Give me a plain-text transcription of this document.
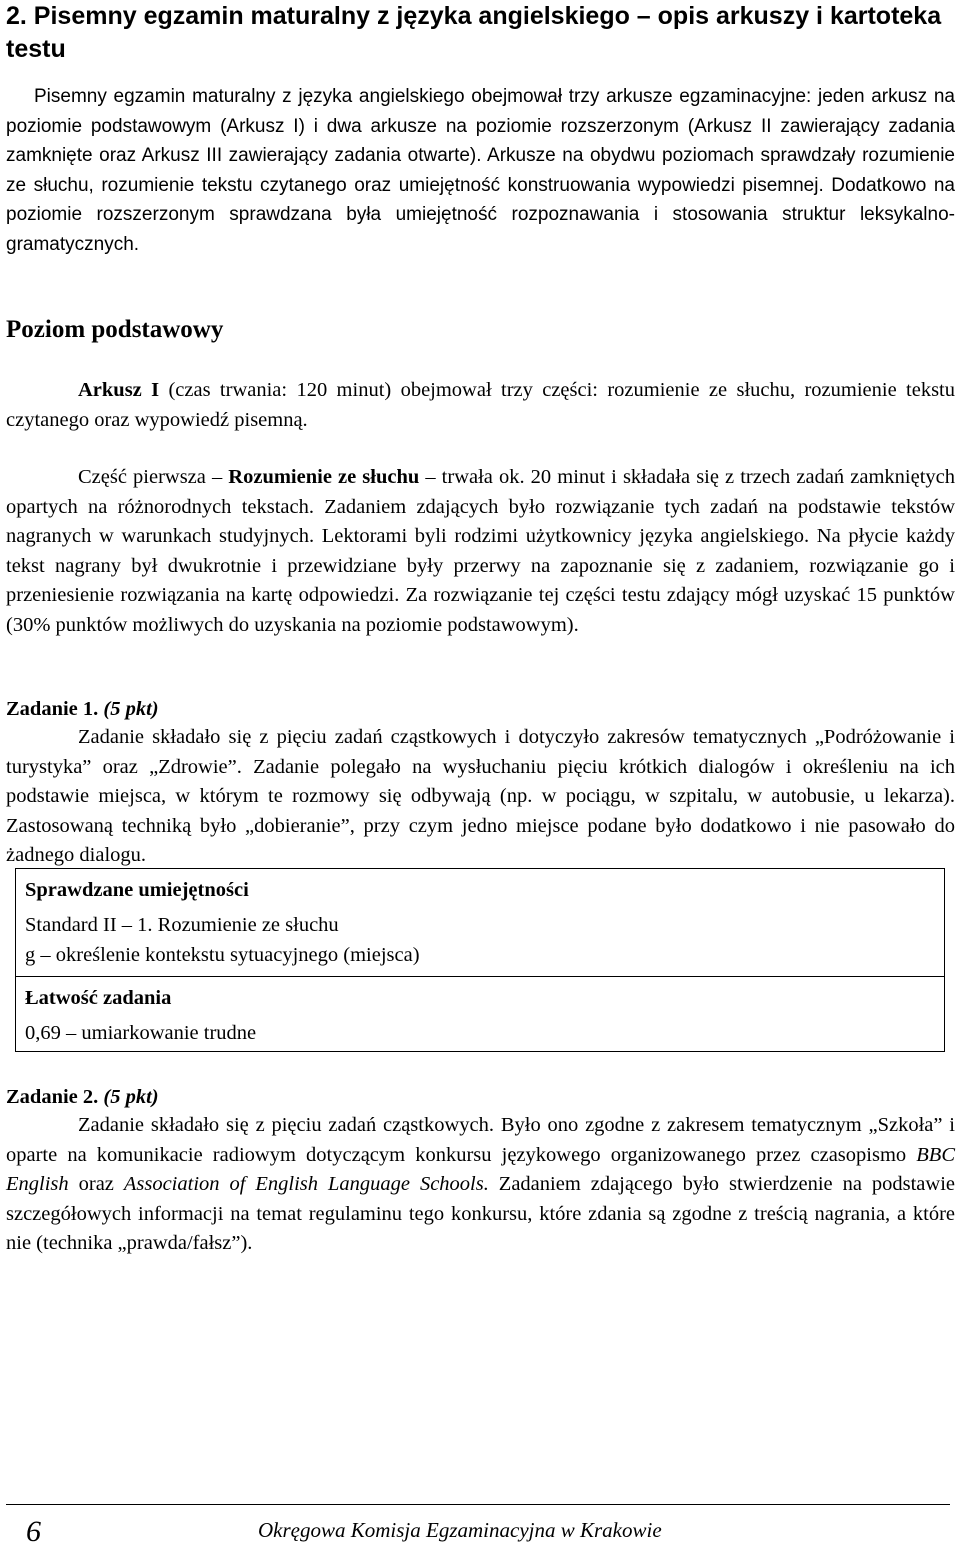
2. Pisemny egzamin maturalny z języka angielskiego – opis arkuszy i kartoteka testu

Pisemny egzamin maturalny z języka angielskiego obejmował trzy arkusze egzaminacyjne: jeden arkusz na poziomie podstawowym (Arkusz I) i dwa arkusze na poziomie rozszerzonym (Arkusz II zawierający zadania zamknięte oraz Arkusz III zawierający zadania otwarte). Arkusze na obydwu poziomach sprawdzały rozumienie ze słuchu, rozumienie tekstu czytanego oraz umiejętność konstruowania wypowiedzi pisemnej. Dodatkowo na poziomie rozszerzonym sprawdzana była umiejętność rozpoznawania i stosowania struktur leksykalno-gramatycznych.

Poziom podstawowy

Arkusz I (czas trwania: 120 minut) obejmował trzy części: rozumienie ze słuchu, rozumienie tekstu czytanego oraz wypowiedź pisemną.

Część pierwsza – Rozumienie ze słuchu – trwała ok. 20 minut i składała się z trzech zadań zamkniętych opartych na różnorodnych tekstach. Zadaniem zdających było rozwiązanie tych zadań na podstawie tekstów nagranych w warunkach studyjnych. Lektorami byli rodzimi użytkownicy języka angielskiego. Na płycie każdy tekst nagrany był dwukrotnie i przewidziane były przerwy na zapoznanie się z zadaniem, rozwiązanie go i przeniesienie rozwiązania na kartę odpowiedzi. Za rozwiązanie tej części testu zdający mógł uzyskać 15 punktów (30% punktów możliwych do uzyskania na poziomie podstawowym).

Zadanie 1. (5 pkt)

Zadanie składało się z pięciu zadań cząstkowych i dotyczyło zakresów tematycznych „Podróżowanie i turystyka” oraz „Zdrowie”. Zadanie polegało na wysłuchaniu pięciu krótkich dialogów i określeniu na ich podstawie miejsca, w którym te rozmowy się odbywają (np. w pociągu, w szpitalu, w autobusie, u lekarza). Zastosowaną techniką było „dobieranie”, przy czym jedno miejsce podane było dodatkowo i nie pasowało do żadnego dialogu.

Sprawdzane umiejętności
Standard II – 1. Rozumienie ze słuchu
g – określenie kontekstu sytuacyjnego (miejsca)
Łatwość zadania
0,69 – umiarkowanie trudne
Zadanie 2. (5 pkt)

Zadanie składało się z pięciu zadań cząstkowych. Było ono zgodne z zakresem tematycznym „Szkoła” i oparte na komunikacie radiowym dotyczącym konkursu językowego organizowanego przez czasopismo BBC English oraz Association of English Language Schools. Zadaniem zdającego było stwierdzenie na podstawie szczegółowych informacji na temat regulaminu tego konkursu, które zdania są zgodne z treścią nagrania, a które nie (technika „prawda/fałsz”).

6	Okręgowa Komisja Egzaminacyjna w Krakowie
